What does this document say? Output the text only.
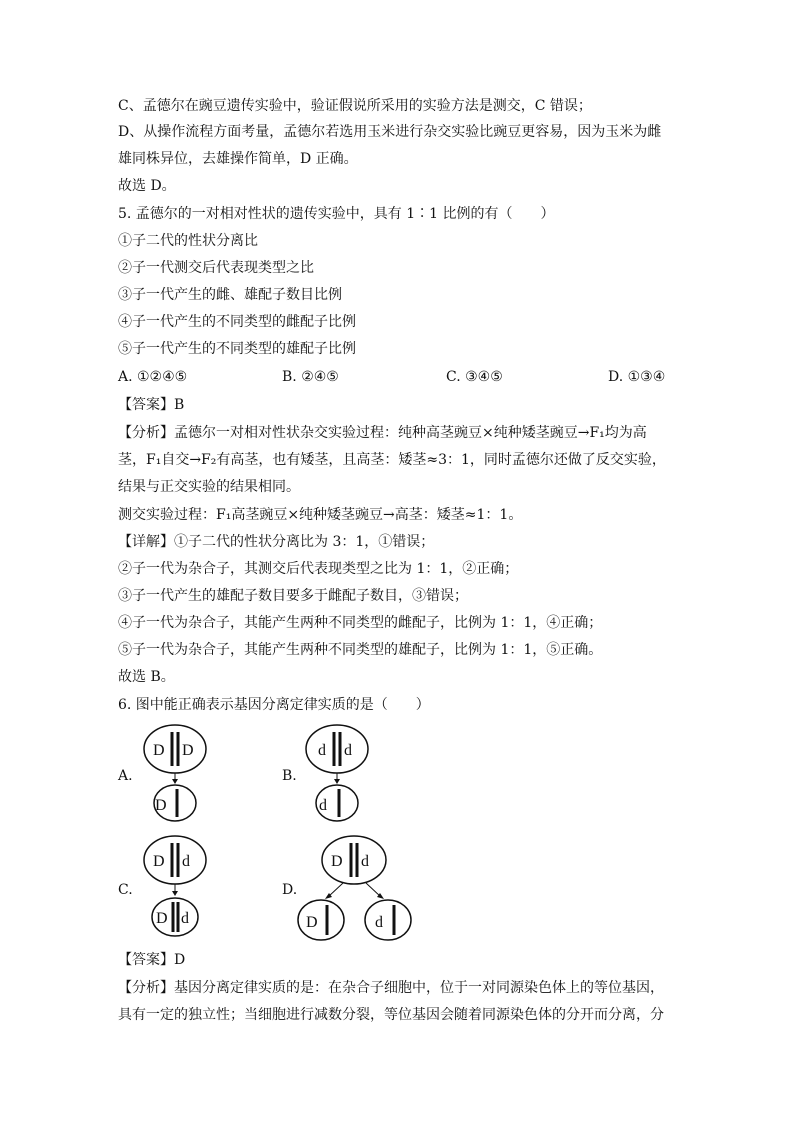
C、孟德尔在豌豆遗传实验中，验证假说所采用的实验方法是测交，C 错误；
D、从操作流程方面考量，孟德尔若选用玉米进行杂交实验比豌豆更容易，因为玉米为雌
雄同株异位，去雄操作简单，D 正确。
故选 D。
5. 孟德尔的一对相对性状的遗传实验中，具有 1∶1 比例的有（　　）
①子二代的性状分离比
②子一代测交后代表现类型之比
③子一代产生的雌、雄配子数目比例
④子一代产生的不同类型的雌配子比例
⑤子一代产生的不同类型的雄配子比例
A. ①②④⑤	B. ②④⑤	C. ③④⑤	D. ①③④
【答案】B
【分析】孟德尔一对相对性状杂交实验过程：纯种高茎豌豆×纯种矮茎豌豆→F₁均为高
茎，F₁自交→F₂有高茎，也有矮茎，且高茎：矮茎≈3：1，同时孟德尔还做了反交实验，
结果与正交实验的结果相同。
测交实验过程：F₁高茎豌豆×纯种矮茎豌豆→高茎：矮茎≈1：1。
【详解】①子二代的性状分离比为 3：1，①错误；
②子一代为杂合子，其测交后代表现类型之比为 1：1，②正确；
③子一代产生的雄配子数目要多于雌配子数目，③错误；
④子一代为杂合子，其能产生两种不同类型的雌配子，比例为 1：1，④正确；
⑤子一代为杂合子，其能产生两种不同类型的雄配子，比例为 1：1，⑤正确。
故选 B。
6. 图中能正确表示基因分离定律实质的是（　　）
A.	B.
C.	D.
D D
D
d d
d
D d
D d
D d
D	d
【答案】D
【分析】基因分离定律实质的是：在杂合子细胞中，位于一对同源染色体上的等位基因，
具有一定的独立性；当细胞进行减数分裂，等位基因会随着同源染色体的分开而分离，分
